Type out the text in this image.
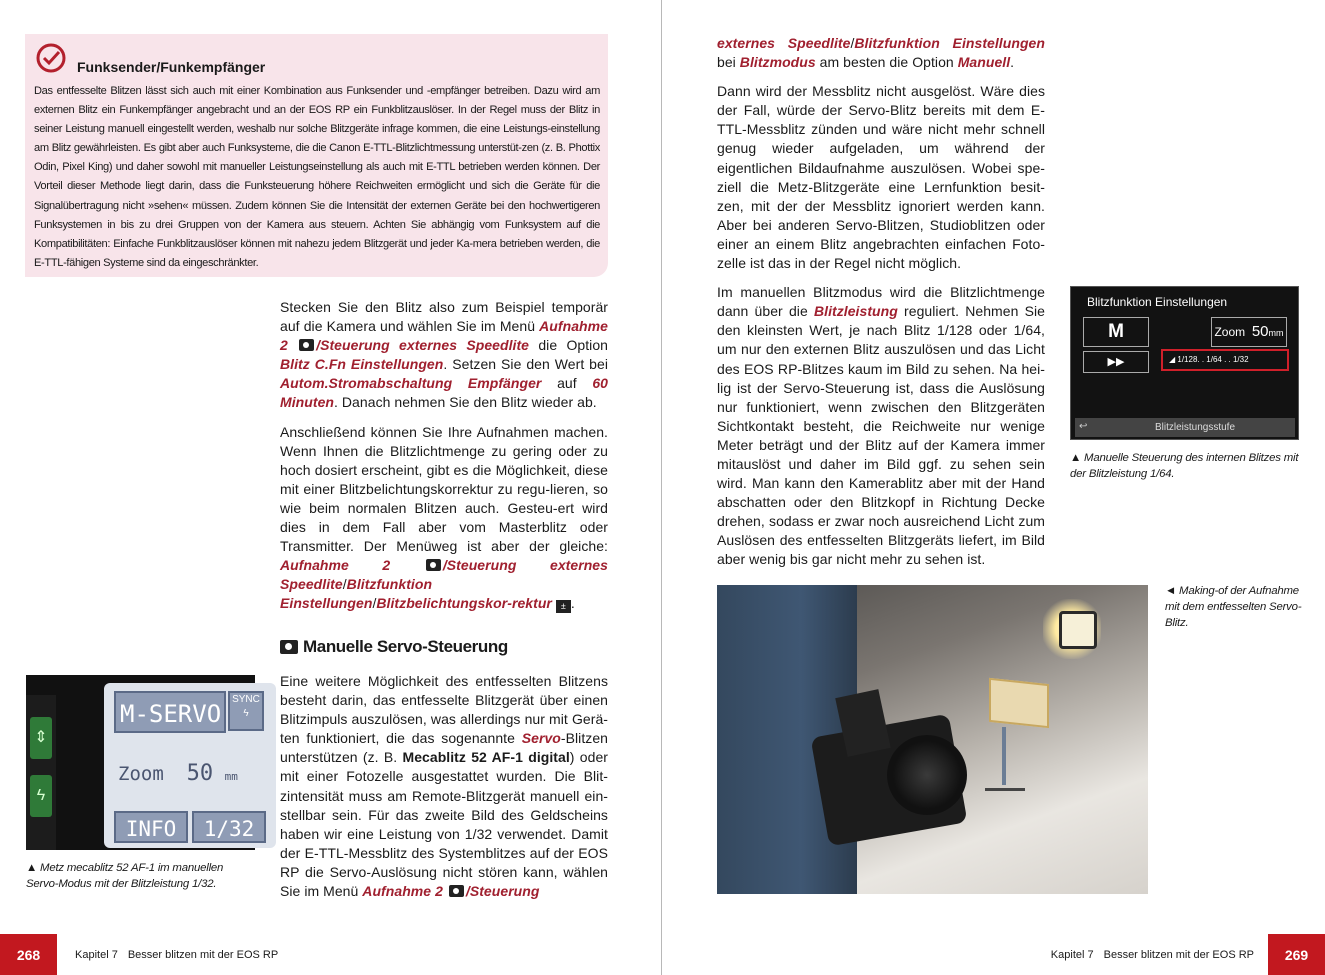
Funksender/Funkempfänger
Das entfesselte Blitzen lässt sich auch mit einer Kombination aus Funksender und -empfänger betreiben. Dazu wird am externen Blitz ein Funkempfänger angebracht und an der EOS RP ein Funkblitzauslöser. In der Regel muss der Blitz in seiner Leistung manuell eingestellt werden, weshalb nur solche Blitzgeräte infrage kommen, die eine Leistungs-einstellung am Blitz gewährleisten. Es gibt aber auch Funksysteme, die die Canon E-TTL-Blitzlichtmessung unterstüt-zen (z. B. Phottix Odin, Pixel King) und daher sowohl mit manueller Leistungseinstellung als auch mit E-TTL betrieben werden können. Der Vorteil dieser Methode liegt darin, dass die Funksteuerung höhere Reichweiten ermöglicht und sich die Geräte für die Signalübertragung nicht »sehen« müssen. Zudem können Sie die Intensität der externen Geräte bei den hochwertigeren Funksystemen in bis zu drei Gruppen von der Kamera aus steuern. Achten Sie abhängig vom Funksystem auf die Kompatibilitäten: Einfache Funkblitzauslöser können mit nahezu jedem Blitzgerät und jeder Ka-mera betrieben werden, die E-TTL-fähigen Systeme sind da eingeschränkter.

Stecken Sie den Blitz also zum Beispiel temporär auf die Kamera und wählen Sie im Menü Aufnahme 2 /Steuerung externes Speedlite die Option Blitz C.Fn Einstellungen. Setzen Sie den Wert bei Autom.Stromabschaltung Empfänger auf 60 Minuten. Danach nehmen Sie den Blitz wieder ab.

Anschließend können Sie Ihre Aufnahmen machen. Wenn Ihnen die Blitzlichtmenge zu gering oder zu hoch dosiert erscheint, gibt es die Möglichkeit, diese mit einer Blitzbelichtungskorrektur zu regu-lieren, so wie beim normalen Blitzen auch. Gesteu-ert wird dies in dem Fall aber vom Masterblitz oder Transmitter. Der Menüweg ist aber der gleiche: Aufnahme 2	/Steuerung externes Speedlite/Blitzfunktion Einstellungen/Blitzbelichtungskor-rektur ± .

Manuelle Servo-Steuerung

Eine weitere Möglichkeit des entfesselten Blitzens besteht darin, das entfesselte Blitzgerät über einen Blitzimpuls auszulösen, was allerdings nur mit Gerä-ten funktioniert, die das sogenannte Servo-Blitzen unterstützen (z. B. Mecablitz 52 AF-1 digital) oder mit einer Fotozelle ausgestattet wurden. Die Blit-zintensität muss am Remote-Blitzgerät manuell ein-stellbar sein. Für das zweite Bild des Geldscheins haben wir eine Leistung von 1/32 verwendet. Damit der E-TTL-Messblitz des Systemblitzes auf der EOS RP die Servo-Auslösung nicht stören kann, wählen Sie im Menü Aufnahme 2 /Steuerung

⇕
ϟ
M-SERVO
SYNC
ϟ
Zoom 50 mm
INFO	1/32
▲ Metz mecablitz 52 AF-1 im manuellen Servo-Modus mit der Blitzleistung 1/32.
268	Kapitel 7 Besser blitzen mit der EOS RP

externes Speedlite/Blitzfunktion Einstellungen bei Blitzmodus am besten die Option Manuell.

Dann wird der Messblitz nicht ausgelöst. Wäre dies der Fall, würde der Servo-Blitz bereits mit dem E-TTL-Messblitz zünden und wäre nicht mehr schnell genug wieder aufgeladen, um während der eigentlichen Bildaufnahme auszulösen. Wobei spe-ziell die Metz-Blitzgeräte eine Lernfunktion besit-zen, mit der der Messblitz ignoriert werden kann. Aber bei anderen Servo-Blitzen, Studioblitzen oder einer an einem Blitz angebrachten einfachen Foto-zelle ist das in der Regel nicht möglich.

Im manuellen Blitzmodus wird die Blitzlichtmenge dann über die Blitzleistung reguliert. Nehmen Sie den kleinsten Wert, je nach Blitz 1/128 oder 1/64, um nur den externen Blitz auszulösen und das Licht des EOS RP-Blitzes kaum im Bild zu sehen. Na hei-lig ist der Servo-Steuerung ist, dass die Auslösung nur funktioniert, wenn zwischen den Blitzgeräten Sichtkontakt besteht, die Reichweite nur wenige Meter beträgt und der Blitz auf der Kamera immer mitauslöst und daher im Bild ggf. zu sehen sein wird. Man kann den Kamerablitz aber mit der Hand abschatten oder den Blitzkopf in Richtung Decke drehen, sodass er zwar noch ausreichend Licht zum Auslösen des entfesselten Blitzgeräts liefert, im Bild aber wenig bis gar nicht mehr zu sehen ist.

◄ Making-of der Aufnahme mit dem entfesselten Servo-Blitz.
Blitzfunktion Einstellungen
M	Zoom 50mm
▶▶	◢ 1/128. . 1/64 . . 1/32
Blitzleistungsstufe
↩
▲ Manuelle Steuerung des internen Blitzes mit der Blitzleistung 1/64.
Kapitel 7 Besser blitzen mit der EOS RP	269
